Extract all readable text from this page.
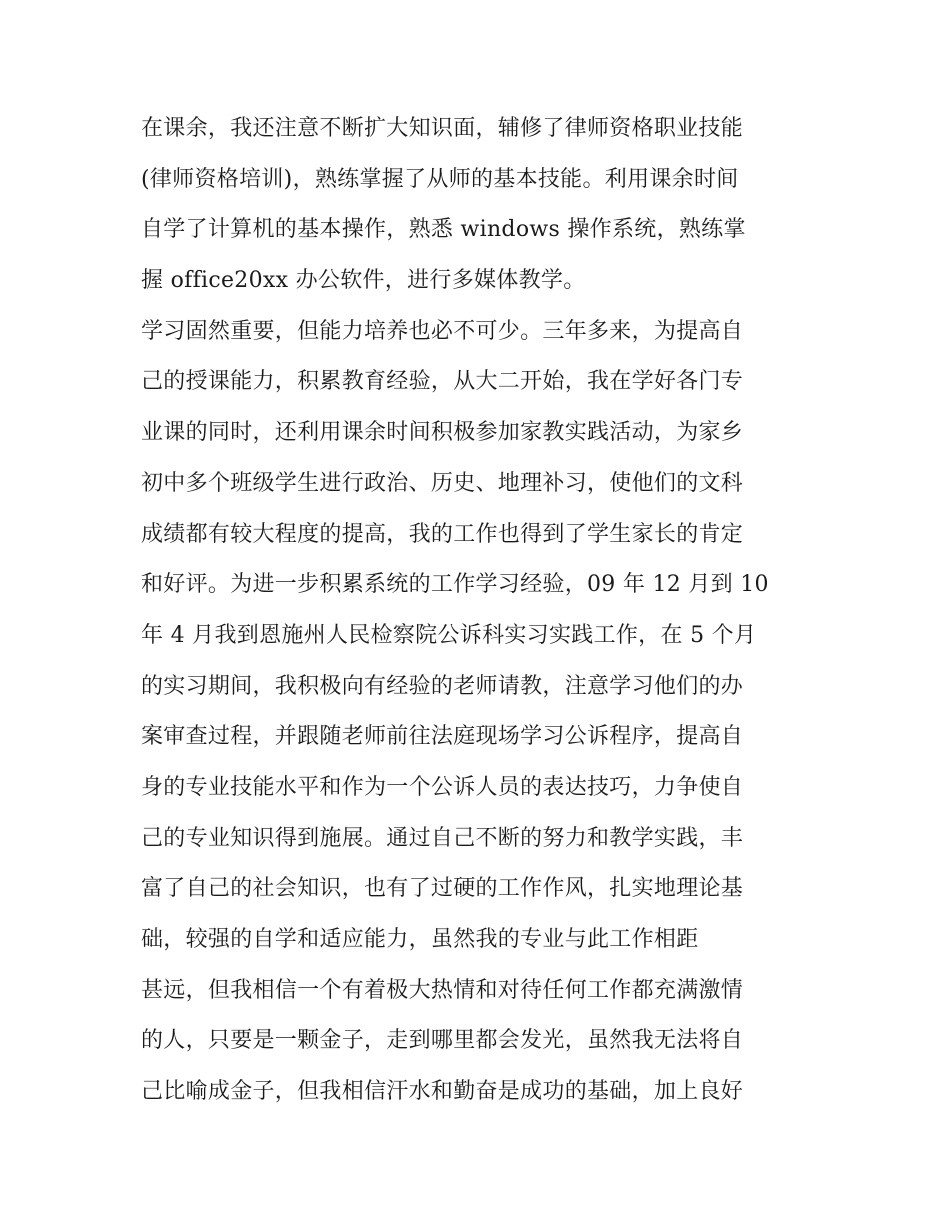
在课余，我还注意不断扩大知识面，辅修了律师资格职业技能
(律师资格培训)，熟练掌握了从师的基本技能。利用课余时间
自学了计算机的基本操作，熟悉 windows 操作系统，熟练掌
握 office20xx 办公软件，进行多媒体教学。
学习固然重要，但能力培养也必不可少。三年多来，为提高自
己的授课能力，积累教育经验，从大二开始，我在学好各门专
业课的同时，还利用课余时间积极参加家教实践活动，为家乡
初中多个班级学生进行政治、历史、地理补习，使他们的文科
成绩都有较大程度的提高，我的工作也得到了学生家长的肯定
和好评。为进一步积累系统的工作学习经验，09 年 12 月到 10
年 4 月我到恩施州人民检察院公诉科实习实践工作，在 5 个月
的实习期间，我积极向有经验的老师请教，注意学习他们的办
案审查过程，并跟随老师前往法庭现场学习公诉程序，提高自
身的专业技能水平和作为一个公诉人员的表达技巧，力争使自
己的专业知识得到施展。通过自己不断的努力和教学实践，丰
富了自己的社会知识，也有了过硬的工作作风，扎实地理论基
础，较强的自学和适应能力，虽然我的专业与此工作相距
甚远，但我相信一个有着极大热情和对待任何工作都充满激情
的人，只要是一颗金子，走到哪里都会发光，虽然我无法将自
己比喻成金子，但我相信汗水和勤奋是成功的基础，加上良好
